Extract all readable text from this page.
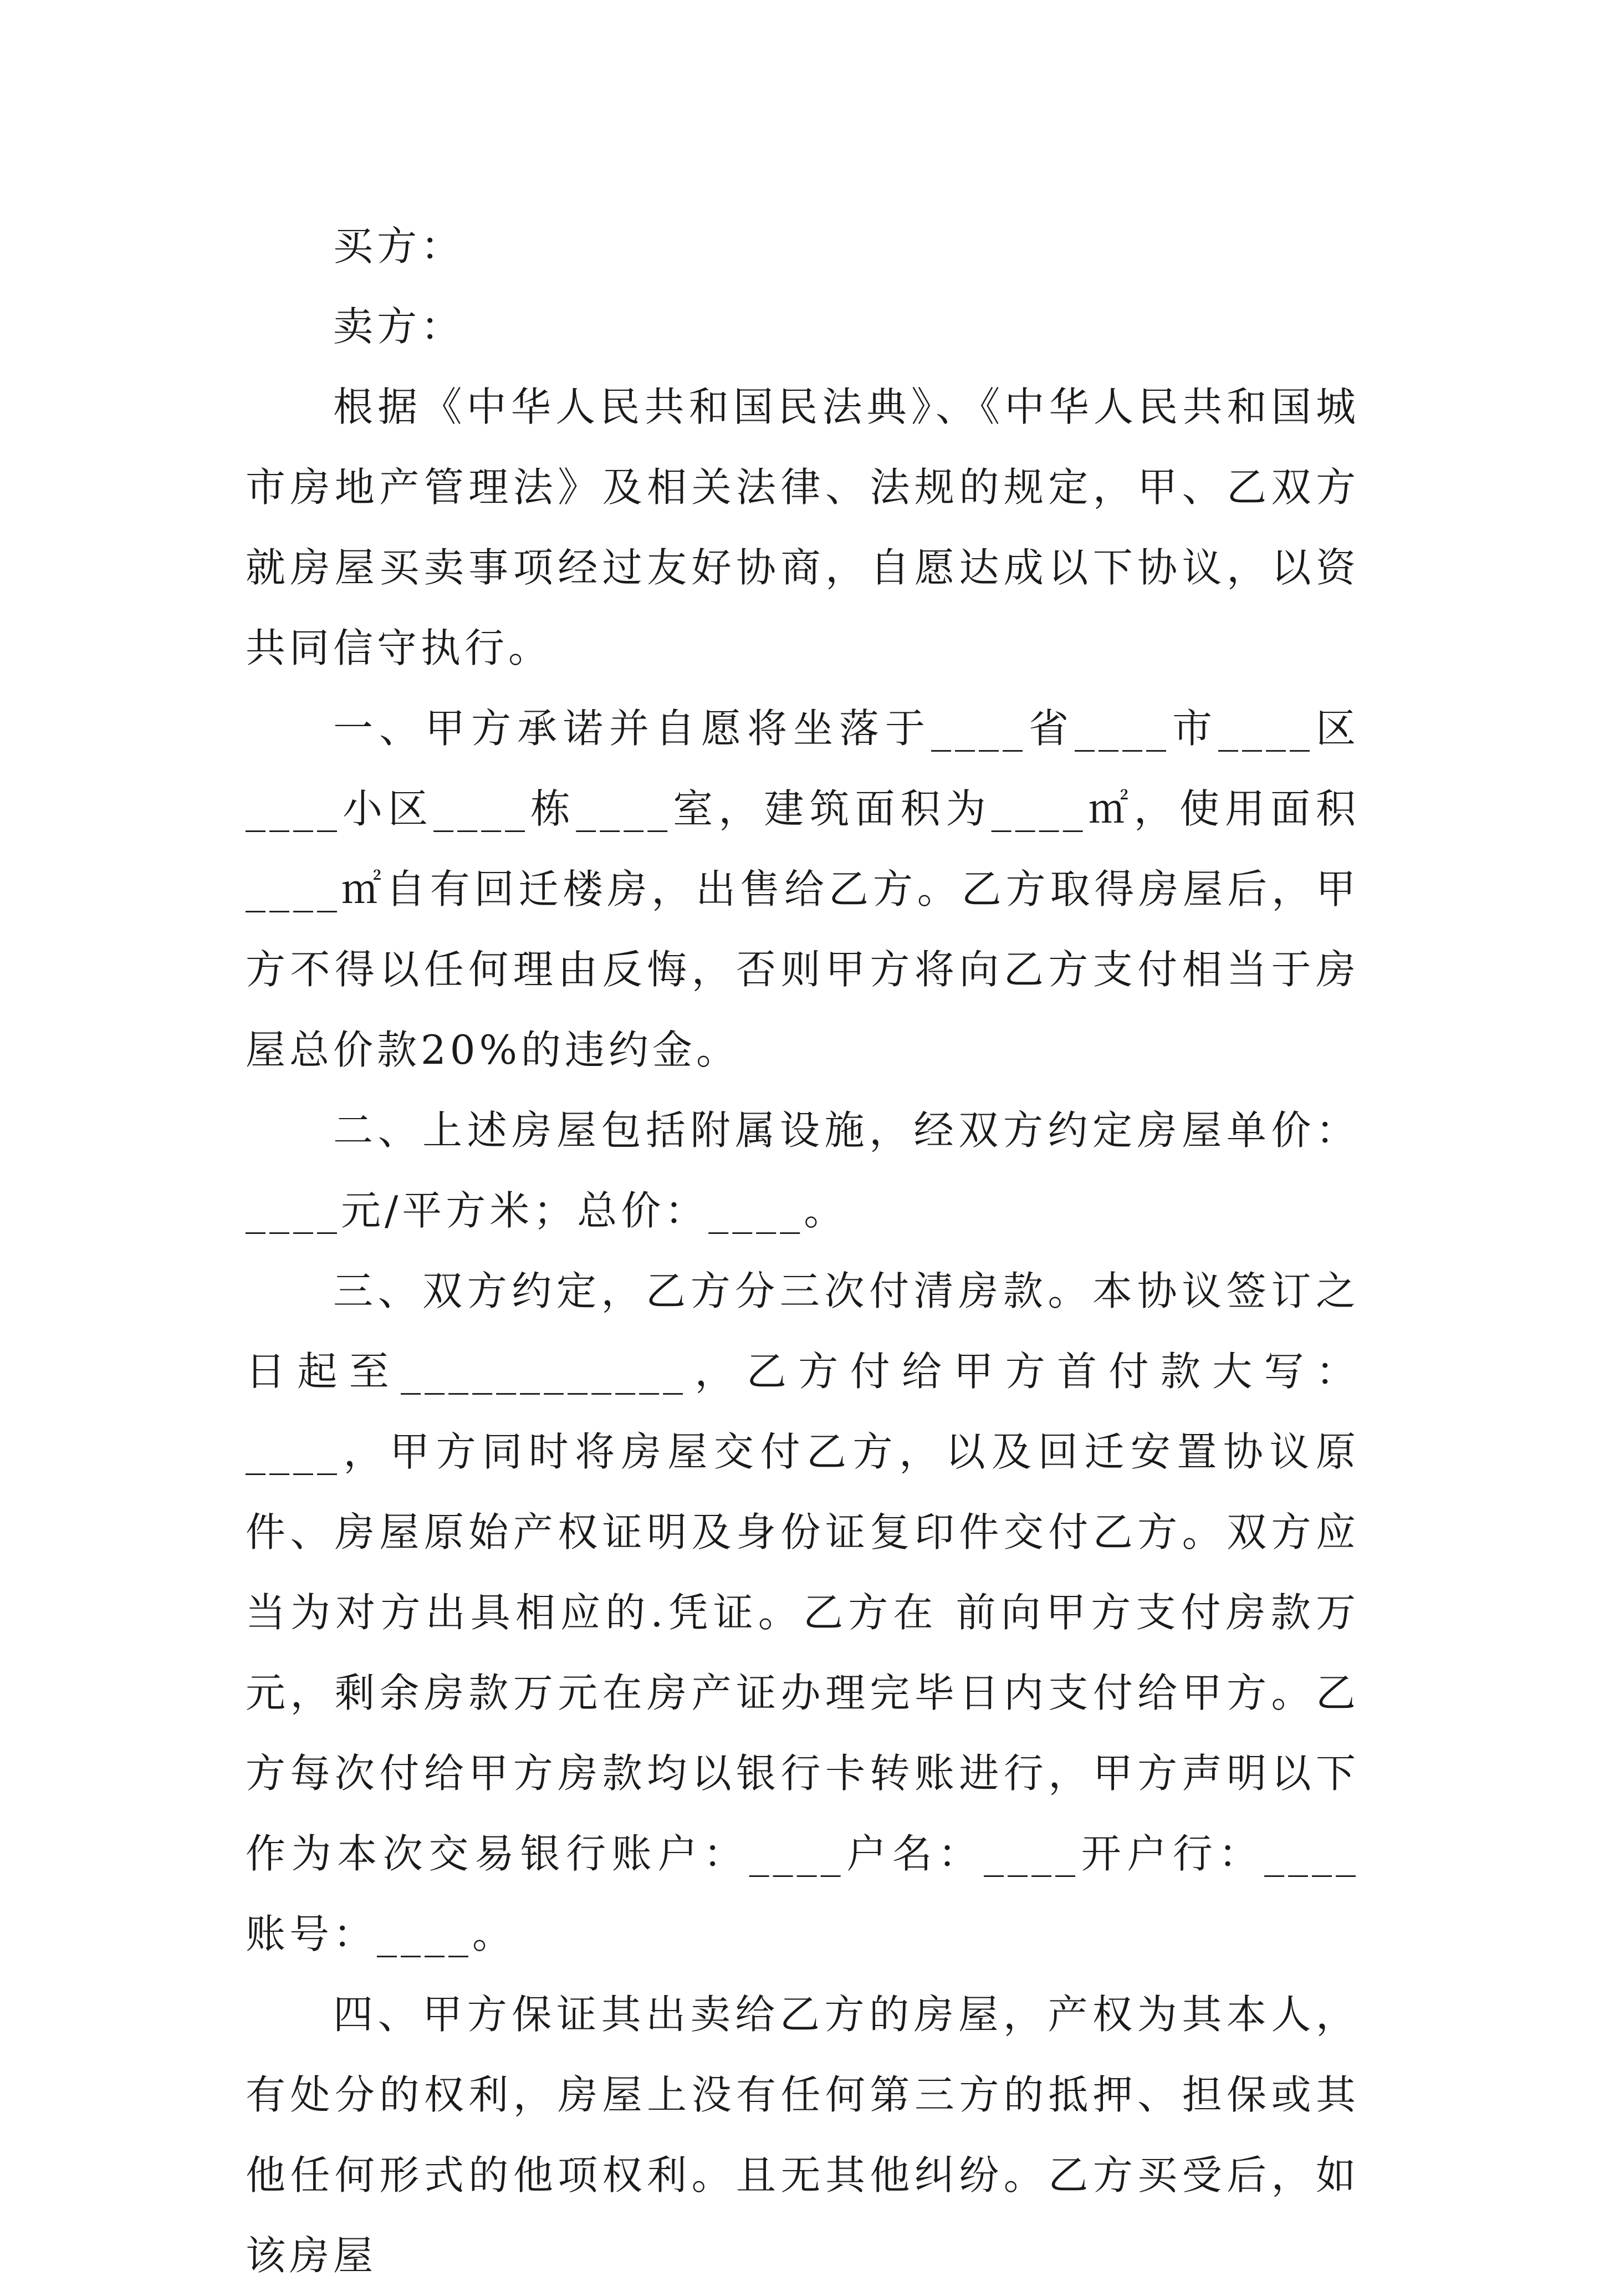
买方：

卖方：

根据《中华人民共和国民法典》、《中华人民共和国城市房地产管理法》及相关法律、法规的规定，甲、乙双方就房屋买卖事项经过友好协商，自愿达成以下协议，以资共同信守执行。

一、甲方承诺并自愿将坐落于____省____市____区____小区____栋____室，建筑面积为____㎡，使用面积____㎡自有回迁楼房，出售给乙方。乙方取得房屋后，甲方不得以任何理由反悔，否则甲方将向乙方支付相当于房屋总价款20%的违约金。

二、上述房屋包括附属设施，经双方约定房屋单价：____元/平方米；总价：____。

三、双方约定，乙方分三次付清房款。本协议签订之日起至____________，乙方付给甲方首付款大写：____，甲方同时将房屋交付乙方，以及回迁安置协议原件、房屋原始产权证明及身份证复印件交付乙方。双方应当为对方出具相应的.凭证。乙方在 前向甲方支付房款万元，剩余房款万元在房产证办理完毕日内支付给甲方。乙方每次付给甲方房款均以银行卡转账进行，甲方声明以下作为本次交易银行账户：____户名：____开户行：____账号：____。

四、甲方保证其出卖给乙方的房屋，产权为其本人，有处分的权利，房屋上没有任何第三方的抵押、担保或其他任何形式的他项权利。且无其他纠纷。乙方买受后，如该房屋
